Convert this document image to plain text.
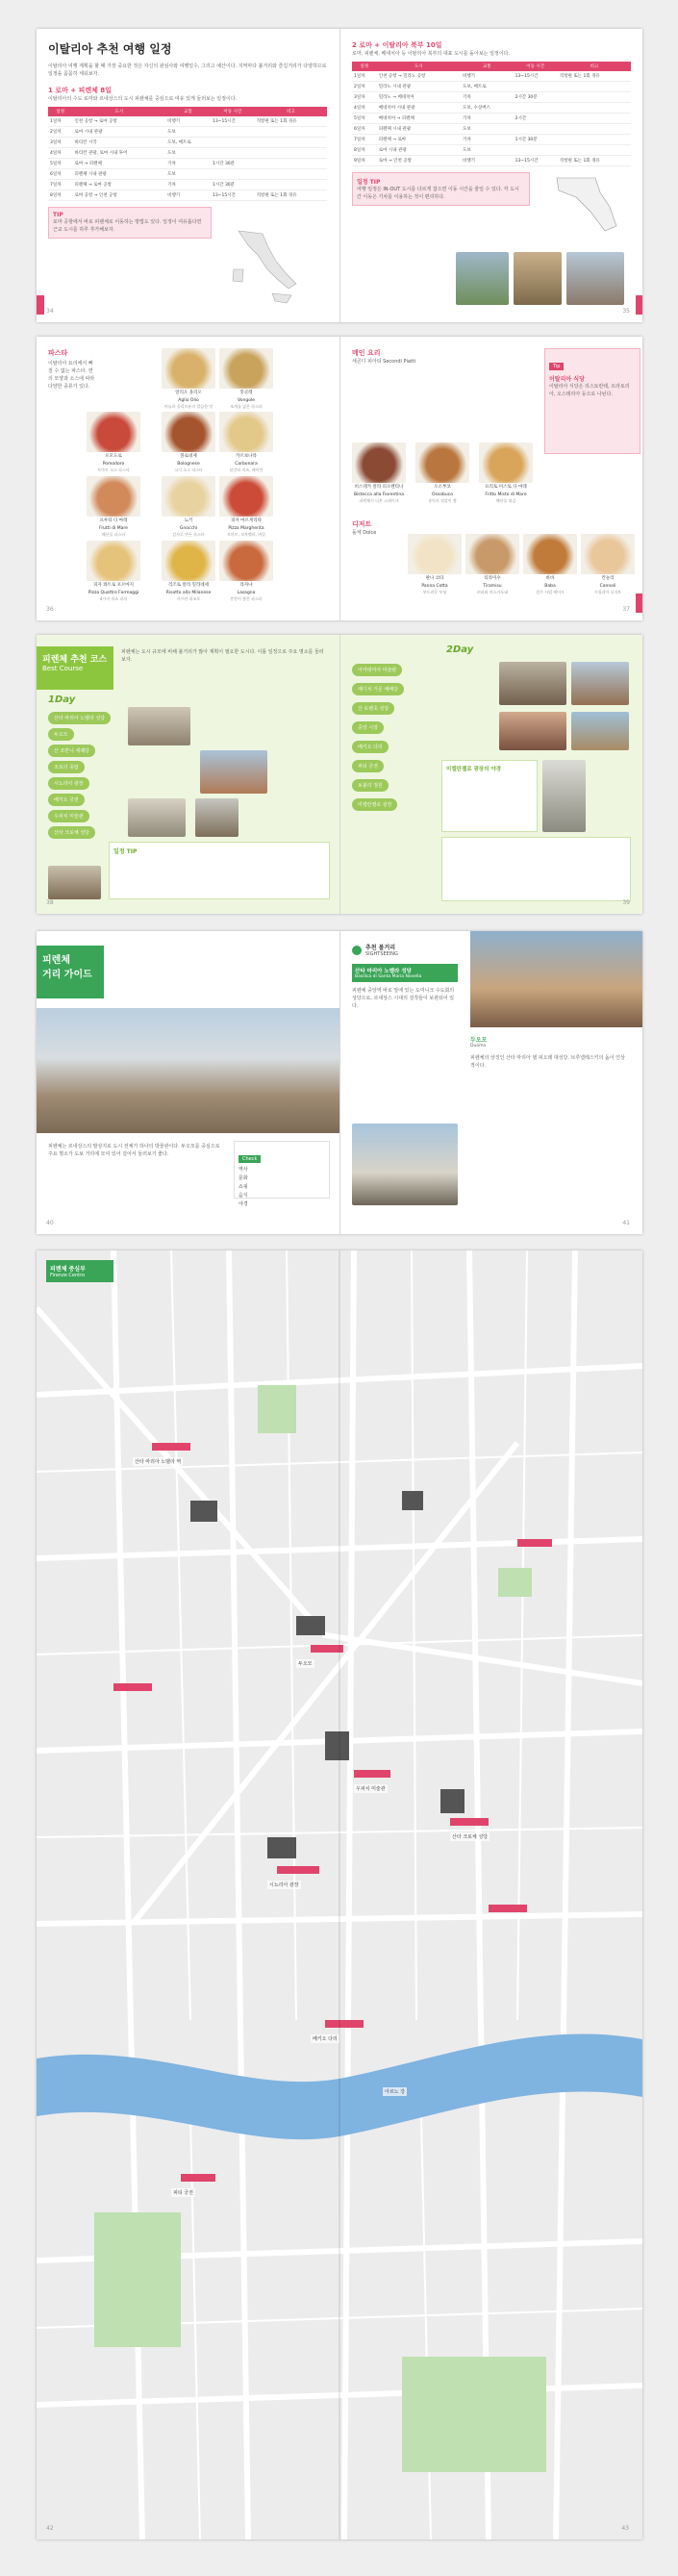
이탈리아 추천 여행 일정
이탈리아 여행 계획을 할 때 가장 중요한 것은 자신의 관심사와 여행일수, 그리고 예산이다. 지역마다 볼거리와 즐길거리가 다양하므로 일정을 꼼꼼히 세워보자.
1 로마 + 피렌체 8일
이탈리아의 수도 로마와 르네상스의 도시 피렌체를 중심으로 여유 있게 둘러보는 일정이다.
일정	도시	교통	이동 시간	비고
1일차	인천 공항 → 로마 공항	비행기	13~15시간	직항편 또는 1회 경유
2일차	로마 시내 관광	도보		
3일차	바티칸 시국	도보, 메트로		
4일차	바티칸 관광, 로마 시내 투어	도보		
5일차	로마 → 피렌체	기차	1시간 30분	
6일차	피렌체 시내 관광	도보		
7일차	피렌체 → 로마 공항	기차	1시간 30분	
8일차	로마 공항 → 인천 공항	비행기	13~15시간	직항편 또는 1회 경유
TIP
로마 공항에서 바로 피렌체로 이동하는 방법도 있다. 일정이 여유롭다면 근교 도시를 하루 추가해보자.
34
2 로마 + 이탈리아 북부 10일
로마, 피렌체, 베네치아 등 이탈리아 북부의 대표 도시를 돌아보는 일정이다.
일정	도시	교통	이동 시간	비고
1일차	인천 공항 → 밀라노 공항	비행기	13~15시간	직항편 또는 1회 경유
2일차	밀라노 시내 관광	도보, 메트로		
3일차	밀라노 → 베네치아	기차	2시간 30분	
4일차	베네치아 시내 관광	도보, 수상버스		
5일차	베네치아 → 피렌체	기차	2시간	
6일차	피렌체 시내 관광	도보		
7일차	피렌체 → 로마	기차	1시간 30분	
8일차	로마 시내 관광	도보		
9일차	로마 → 인천 공항	비행기	13~15시간	직항편 또는 1회 경유
일정 TIP
여행 일정은 IN-OUT 도시를 다르게 잡으면 이동 시간을 줄일 수 있다. 각 도시 간 이동은 기차를 이용하는 것이 편리하다.
35
파스타
이탈리아 요리에서 빠질 수 없는 파스타. 면의 모양과 소스에 따라 다양한 종류가 있다.
알리오 올리오
Aglio Olio
마늘과 올리브유의 깔끔한 맛
봉골레
Vongole
조개를 넣은 파스타
포모도로
Pomodoro
토마토 소스 파스타
볼로네제
Bolognese
고기 소스 파스타
카르보나라
Carbonara
달걀과 치즈, 베이컨
프루티 디 마레
Frutti di Mare
해산물 파스타
뇨키
Gnocchi
감자로 만든 파스타
피자 마르게리타
Pizza Margherita
토마토, 모차렐라, 바질
피자 콰트로 포르마지
Pizza Quattro Formaggi
4가지 치즈 피자
리조토 알라 밀라네세
Risotto alla Milanese
사프란 리조토
라자냐
Lasagna
층층이 쌓은 파스타
36
메인 요리
세콘디 피아티 Secondi Piatti
Tip
이탈리아 식당
이탈리아 식당은 리스토란테, 트라토리아, 오스테리아 등으로 나뉜다.
비스테카 알라 피오렌티나
Bistecca alla Fiorentina
피렌체식 티본 스테이크
오소부코
Ossobuco
송아지 정강이 찜
프리토 미스토 디 마레
Fritto Misto di Mare
해산물 튀김
디저트
돌체 Dolce
판나 코타
Panna Cotta
부드러운 푸딩
티라미수
Tiramisu
커피와 마스카포네
바바
Baba
럼주 시럽 케이크
칸놀리
Cannoli
시칠리아 디저트
37
피렌체 추천 코스
Best Course
피렌체는 도시 규모에 비해 볼거리가 많아 계획이 필요한 도시다. 이틀 일정으로 주요 명소를 둘러보자.
1Day
산타 마리아 노벨라 성당
두오모
산 조반니 세례당
조토의 종탑
시뇨리아 광장
베키오 궁전
우피치 미술관
산타 크로체 성당
일정 TIP
38
2Day
아카데미아 미술관
메디치 가문 예배당
산 로렌초 성당
중앙 시장
베키오 다리
피티 궁전
보볼리 정원
미켈란젤로 광장
미켈란젤로 광장의 야경
39
피렌체
거리 가이드
피렌체는 르네상스의 발상지로 도시 전체가 하나의 박물관이다. 두오모를 중심으로 주요 명소가 도보 거리에 모여 있어 걸어서 둘러보기 좋다.
Check
역사
문화
쇼핑
음식
야경
40
추천 볼거리
SIGHTSEEING
산타 마리아 노벨라 성당
Basilica di Santa Maria Novella
피렌체 중앙역 바로 앞에 있는 도미니크 수도회의 성당으로, 르네상스 시대의 걸작들이 보관되어 있다.
두오모
Duomo
피렌체의 상징인 산타 마리아 델 피오레 대성당. 브루넬레스키의 돔이 인상적이다.
41
피렌체 중심부
Firenze Centro
산타 마리아 노벨라 역
두오모
베키오 다리
아르노 강
피티 궁전
우피치 미술관
시뇨리아 광장
산타 크로체 성당
42	43
